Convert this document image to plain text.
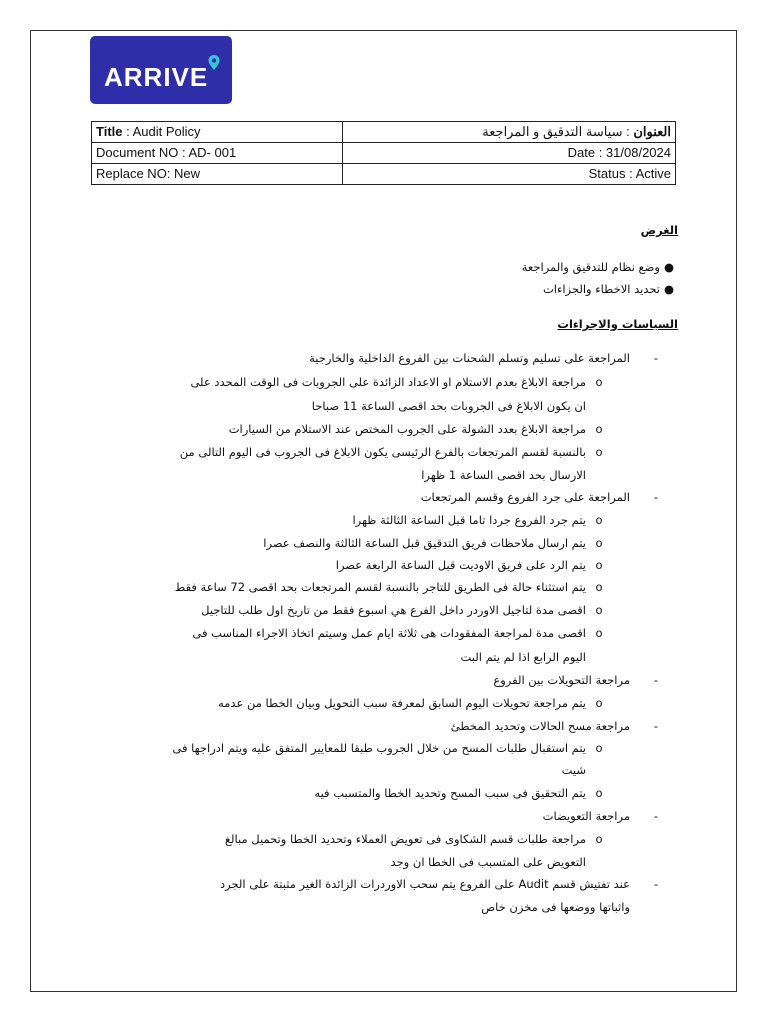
ARRIVE
Title : Audit Policy	العنوان : سياسة التدقيق و المراجعة
Document NO : AD- 001	Date : 31/08/2024
Replace NO: New	Status : Active
الغرض
وضع نظام للتدقيق والمراجعة ●
تحديد الاخطاء والجزاءات ●
السياسات والاجراءات
-
المراجعة على تسليم وتسلم الشحنات بين الفروع الداخلية والخارجية
o
مراجعة الابلاغ بعدم الاستلام او الاعداد الزائدة على الجروبات فى الوقت المحدد على
ان يكون الابلاغ فى الجروبات بحد اقصى الساعة 11 صباحا
o
مراجعة الابلاغ بعدد الشولة على الجروب المختص عند الاستلام من السيارات
o
بالنسبة لقسم المرتجعات بالفرع الرئيسى يكون الابلاغ فى الجروب فى اليوم التالى من
الارسال بحد اقصى الساعة 1 ظهرا
-
المراجعة على جرد الفروع وقسم المرتجعات
o
يتم جرد الفروع جردا تاما قبل الساعة الثالثة ظهرا
o
يتم ارسال ملاحظات فريق التدقيق قبل الساعة الثالثة والنصف عصرا
o
يتم الرد على فريق الاوديت قبل الساعة الرابعة عصرا
o
يتم استثناء حالة فى الطريق للتاجر بالنسبة لقسم المرتجعات بحد اقصى 72 ساعة فقط
o
اقصى مدة لتاجيل الاوردر داخل الفرع هي اسبوع فقط من تاريخ اول طلب للتاجيل
o
اقصى مدة لمراجعة المفقودات هى ثلاثة ايام عمل وسيتم اتخاذ الاجراء المناسب فى
اليوم الرابع اذا لم يتم البت
-
مراجعة التحويلات بين الفروع
o
يتم مراجعة تحويلات اليوم السابق لمعرفة سبب التحويل وبيان الخطا من عدمه
-
مراجعة مسح الحالات وتحديد المخطئ
o
يتم استقبال طلبات المسح من خلال الجروب طبقا للمعايير المتفق عليه ويتم ادراجها فى
شيت
o
يتم التحقيق فى سبب المسح وتحديد الخطا والمتسبب فيه
-
مراجعة التعويضات
o
مراجعة طلبات قسم الشكاوى فى تعويض العملاء وتحديد الخطا وتحميل مبالغ
التعويض على المتسبب فى الخطا ان وجد
-
عند تفتيش قسم Audit على الفروع يتم سحب الاوردرات الزائدة الغير مثبتة على الجرد
واثباتها ووضعها فى مخزن خاص
